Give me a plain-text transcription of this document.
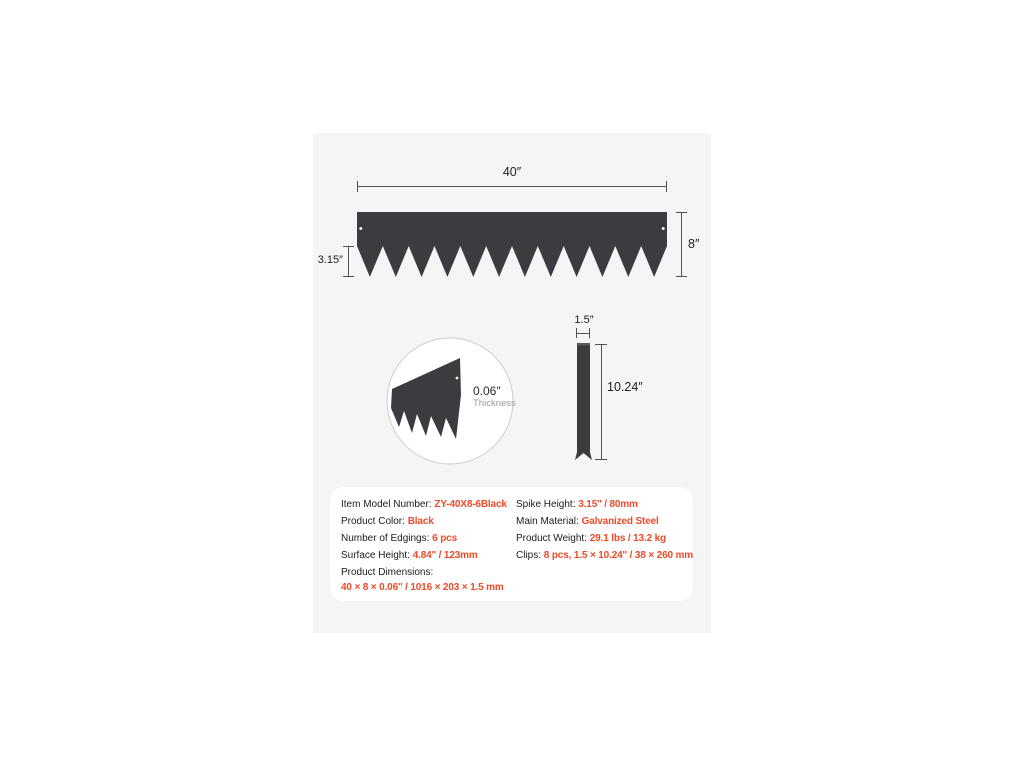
40″
8″
3.15″
0.06″
Thickness
1.5″
10.24″
Item Model Number: ZY-40X8-6Black
Product Color: Black
Number of Edgings: 6 pcs
Surface Height: 4.84'' / 123mm
Product Dimensions:
40 × 8 × 0.06'' / 1016 × 203 × 1.5 mm
Spike Height: 3.15'' / 80mm
Main Material: Galvanized Steel
Product Weight: 29.1 lbs / 13.2 kg
Clips: 8 pcs, 1.5 × 10.24'' / 38 × 260 mm
